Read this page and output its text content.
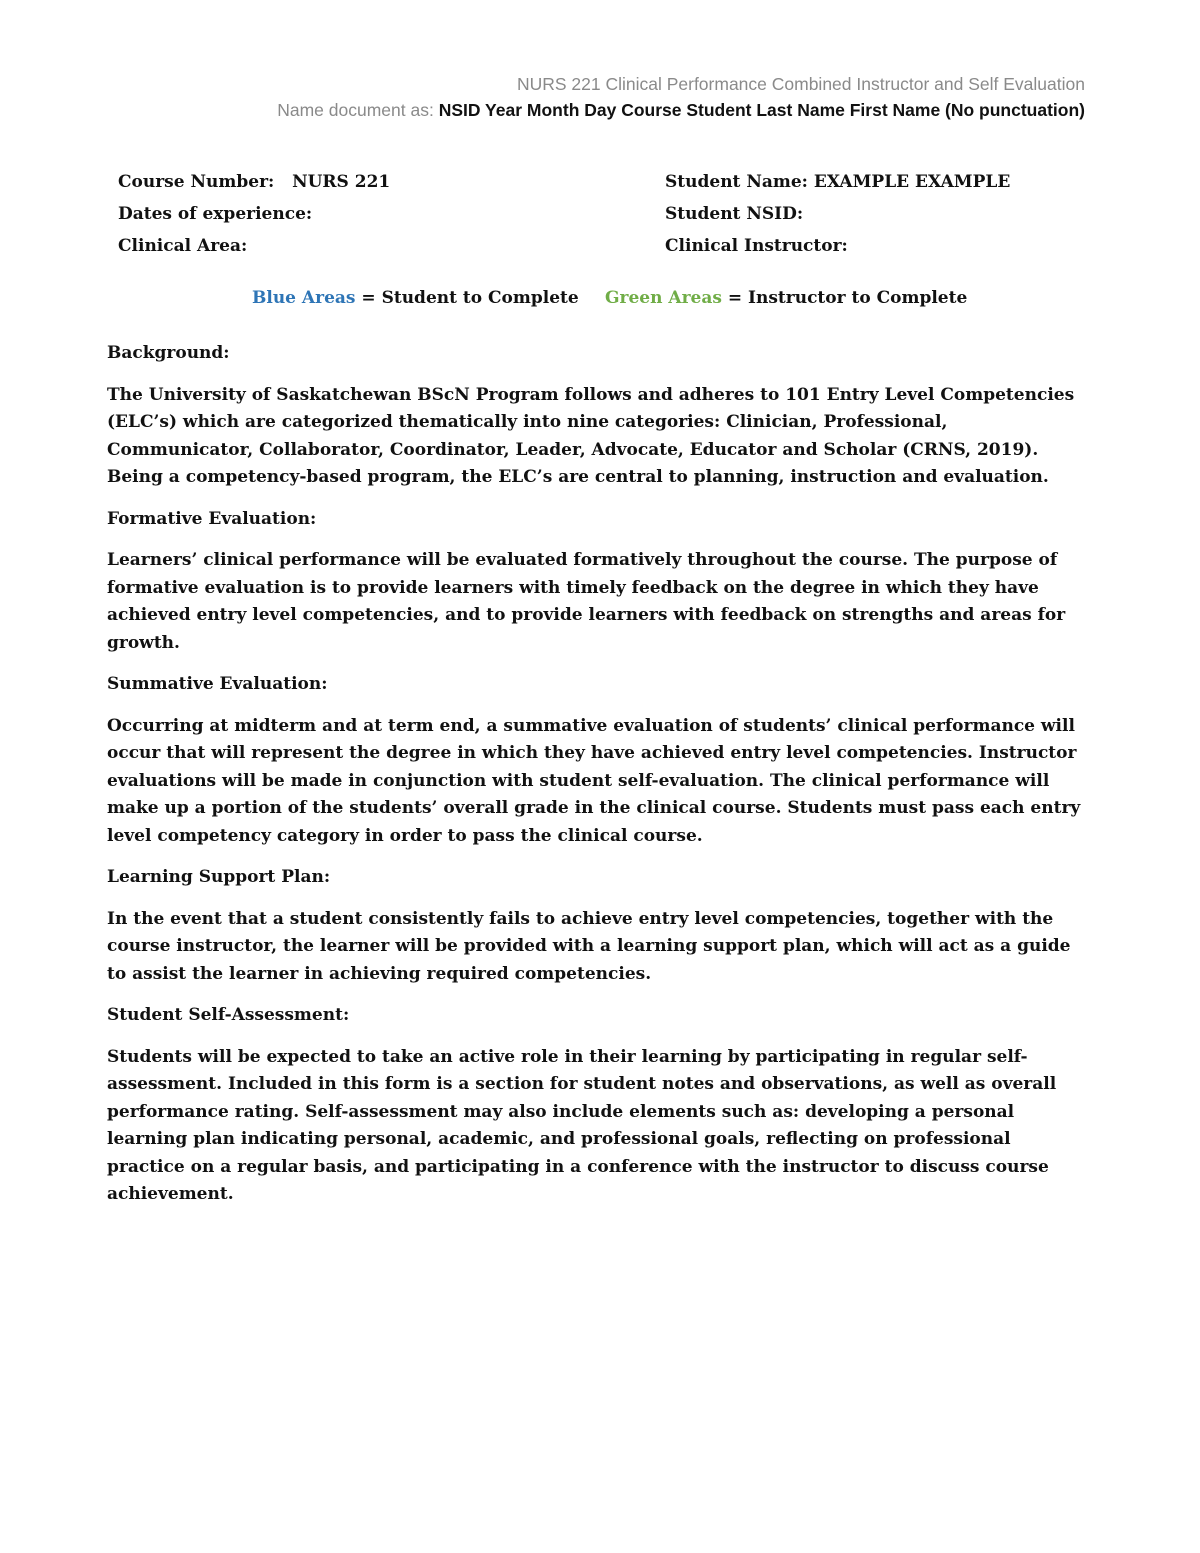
NURS 221 Clinical Performance Combined Instructor and Self Evaluation
Name document as: NSID Year Month Day Course Student Last Name First Name (No punctuation)
Course Number:   NURS 221	Student Name: EXAMPLE EXAMPLE
Dates of experience:	Student NSID:
Clinical Area:	Clinical Instructor:
Blue Areas = Student to Complete Green Areas = Instructor to Complete

Background:

The University of Saskatchewan BScN Program follows and adheres to 101 Entry Level Competencies (ELC’s) which are categorized thematically into nine categories: Clinician, Professional, Communicator, Collaborator, Coordinator, Leader, Advocate, Educator and Scholar (CRNS, 2019). Being a competency-based program, the ELC’s are central to planning, instruction and evaluation.

Formative Evaluation:

Learners’ clinical performance will be evaluated formatively throughout the course. The purpose of formative evaluation is to provide learners with timely feedback on the degree in which they have achieved entry level competencies, and to provide learners with feedback on strengths and areas for growth.

Summative Evaluation:

Occurring at midterm and at term end, a summative evaluation of students’ clinical performance will occur that will represent the degree in which they have achieved entry level competencies. Instructor evaluations will be made in conjunction with student self-evaluation. The clinical performance will make up a portion of the students’ overall grade in the clinical course. Students must pass each entry level competency category in order to pass the clinical course.

Learning Support Plan:

In the event that a student consistently fails to achieve entry level competencies, together with the course instructor, the learner will be provided with a learning support plan, which will act as a guide to assist the learner in achieving required competencies.

Student Self-Assessment:

Students will be expected to take an active role in their learning by participating in regular self-assessment. Included in this form is a section for student notes and observations, as well as overall performance rating. Self-assessment may also include elements such as: developing a personal learning plan indicating personal, academic, and professional goals, reflecting on professional practice on a regular basis, and participating in a conference with the instructor to discuss course achievement.
